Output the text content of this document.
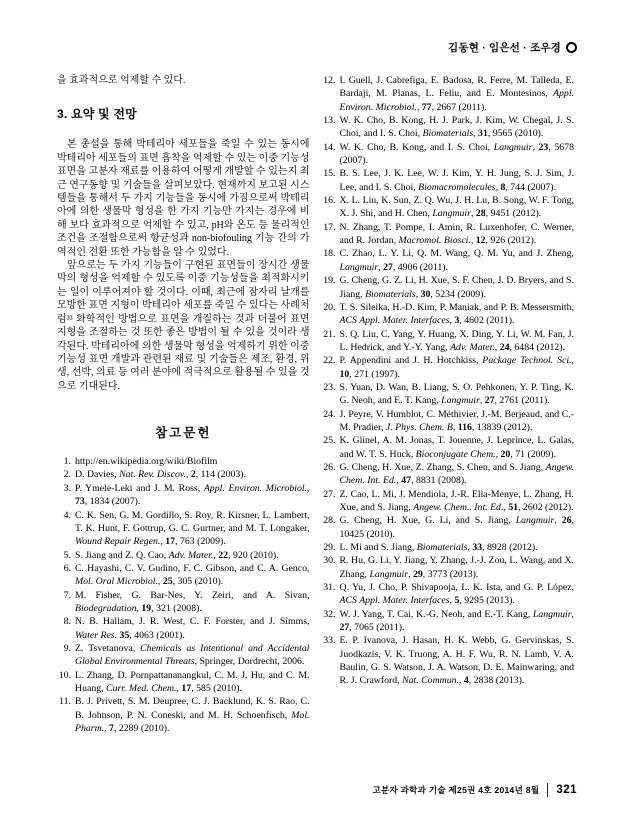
김동현 · 임은선 · 조우경

을 효과적으로 억제할 수 있다.

3. 요약 및 전망

본 총설을 통해 박테리아 세포들을 죽일 수 있는 동시에 박테리아 세포들의 표면 흡착을 억제할 수 있는 이중 기능성 표면을 고분자 재료를 이용하여 어떻게 개발할 수 있는지 최근 연구동향 및 기술들을 살펴보았다. 현재까지 보고된 시스템들을 통해서 두 가지 기능들을 동시에 가짐으로써 박테리아에 의한 생물막 형성을 한 가지 기능만 가지는 경우에 비해 보다 효과적으로 억제할 수 있고, pH와 온도 등 물리적인 조건을 조절함으로써 항균성과 non-biofouling 기능 간의 가역적인 전환 또한 가능함을 알 수 있었다.

앞으로는 두 가지 기능들이 구현된 표면들이 장시간 생물막의 형성을 억제할 수 있도록 이중 기능성들을 최적화시키는 일이 이루어져야 할 것이다. 이때, 최근에 잠자리 날개를 모방한 표면 지형이 박테리아 세포를 죽일 수 있다는 사례처럼³³ 화학적인 방법으로 표면을 개질하는 것과 더불어 표면 지형을 조절하는 것 또한 좋은 방법이 될 수 있을 것이라 생각된다. 박테리아에 의한 생물막 형성을 억제하기 위한 이중 기능성 표면 개발과 관련된 재료 및 기술들은 제조, 환경, 위생, 선박, 의료 등 여러 분야에 적극적으로 활용될 수 있을 것으로 기대된다.

참고문헌
1. http://en.wikipedia.org/wiki/Biofilm
2. D. Davies, Nat. Rev. Discov., 2, 114 (2003).
3. P. Ymele-Leki and J. M. Ross, Appl. Environ. Microbiol., 73, 1834 (2007).
4. C. K. Sen, G. M. Gordillo, S. Roy, R. Kirsner, L. Lambert, T. K. Hunt, F. Gottrup, G. C. Gurtner, and M. T. Longaker, Wound Repair Regen., 17, 763 (2009).
5. S. Jiang and Z. Q. Cao, Adv. Mater., 22, 920 (2010).
6. C. Hayashi, C. V. Gudino, F. C. Gibson, and C. A. Genco, Mol. Oral Microbiol., 25, 305 (2010).
7. M. Fisher, G. Bar-Nes, Y. Zeiri, and A. Sivan, Biodegradation, 19, 321 (2008).
8. N. B. Hallam, J. R. West, C. F. Forster, and J. Simms, Water Res. 35, 4063 (2001).
9. Z. Tsvetanova, Chemicals as Intentional and Accidental Global Environmental Threats, Springer, Dordrecht, 2006.
10. L. Zhang, D. Pornpattananangkul, C. M. J. Hu, and C. M. Huang, Curr. Med. Chem., 17, 585 (2010).
11. B. J. Privett, S. M. Deupree, C. J. Backlund, K. S. Rao, C. B. Johnson, P. N. Coneski, and M. H. Schoenfisch, Mol. Pharm., 7, 2289 (2010).
12. I. Guell, J. Cabrefiga, E. Badosa, R. Ferre, M. Talleda, E. Bardaji, M. Planas, L. Feliu, and E. Montesinos, Appl. Environ. Microbiol., 77, 2667 (2011).
13. W. K. Cho, B. Kong, H. J. Park, J. Kim, W. Chegal, J. S. Choi, and I. S. Choi, Biomaterials, 31, 9565 (2010).
14. W. K. Cho, B. Kong, and I. S. Choi, Langmuir, 23, 5678 (2007).
15. B. S. Lee, J. K. Lee, W. J. Kim, Y. H. Jung, S. J. Sim, J. Lee, and I. S. Choi, Biomacromolecules, 8, 744 (2007).
16. X. L. Liu, K. Sun, Z. Q. Wu, J. H. Lu, B. Song, W. F. Tong, X. J. Shi, and H. Chen, Langmuir, 28, 9451 (2012).
17. N. Zhang, T. Pompe, I. Amin, R. Luxenhofer, C. Werner, and R. Jordan, Macromol. Biosci., 12, 926 (2012).
18. C. Zhao, L. Y. Li, Q. M. Wang, Q. M. Yu, and J. Zheng, Langmuir, 27, 4906 (2011).
19. G. Cheng, G. Z. Li, H. Xue, S. F. Chen, J. D. Bryers, and S. Jiang, Biomaterials, 30, 5234 (2009).
20. T. S. Sileika, H.-D. Kim, P. Maniak, and P. B. Messersmith, ACS Appl. Mater. Interfaces, 3, 4602 (2011).
21. S. Q. Liu, C. Yang, Y. Huang, X. Ding, Y. Li, W. M. Fan, J. L. Hedrick, and Y.-Y. Yang, Adv. Mater., 24, 6484 (2012).
22. P. Appendini and J. H. Hotchkiss, Package Technol. Sci., 10, 271 (1997).
23. S. Yuan, D. Wan, B. Liang, S. O. Pehkonen, Y. P. Ting, K. G. Neoh, and E. T. Kang, Langmuir, 27, 2761 (2011).
24. J. Peyre, V. Humblot, C. Méthivier, J.-M. Berjeaud, and C.-M. Pradier, J. Phys. Chem. B, 116, 13839 (2012).
25. K. Glinel, A. M. Jonas, T. Jouenne, J. Leprince, L. Galas, and W. T. S. Huck, Bioconjugate Chem., 20, 71 (2009).
26. G. Cheng, H. Xue, Z. Zhang, S. Chen, and S. Jiang, Angew. Chem. Int. Ed., 47, 8831 (2008).
27. Z. Cao, L. Mi, J. Mendiola, J.-R. Ella-Menye, L. Zhang, H. Xue, and S. Jiang, Angew. Chem.. Int. Ed., 51, 2602 (2012).
28. G. Cheng, H. Xue, G. Li, and S. Jiang, Langmuir, 26, 10425 (2010).
29. L. Mi and S. Jiang, Biomaterials, 33, 8928 (2012).
30. R. Hu, G. Li, Y. Jiang, Y. Zhang, J.-J. Zou, L. Wang, and X. Zhang, Langmuir, 29, 3773 (2013).
31. Q. Yu, J. Cho, P. Shivapooja, L. K. Ista, and G. P. López, ACS Appl. Mater. Interfaces, 5, 9295 (2013).
32. W. J. Yang, T. Cai, K.-G. Neoh, and E.-T. Kang, Langmuir, 27, 7065 (2011).
33. E. P. Ivanova, J. Hasan, H. K. Webb, G. Gervinskas, S. Juodkazis, V. K. Truong, A. H. F. Wu, R. N. Lamb, V. A. Baulin, G. S. Watson, J. A. Watson, D. E. Mainwaring, and R. J. Crawford, Nat. Commun., 4, 2838 (2013).
고분자 과학과 기술 제25권 4호 2014년 8월 321
